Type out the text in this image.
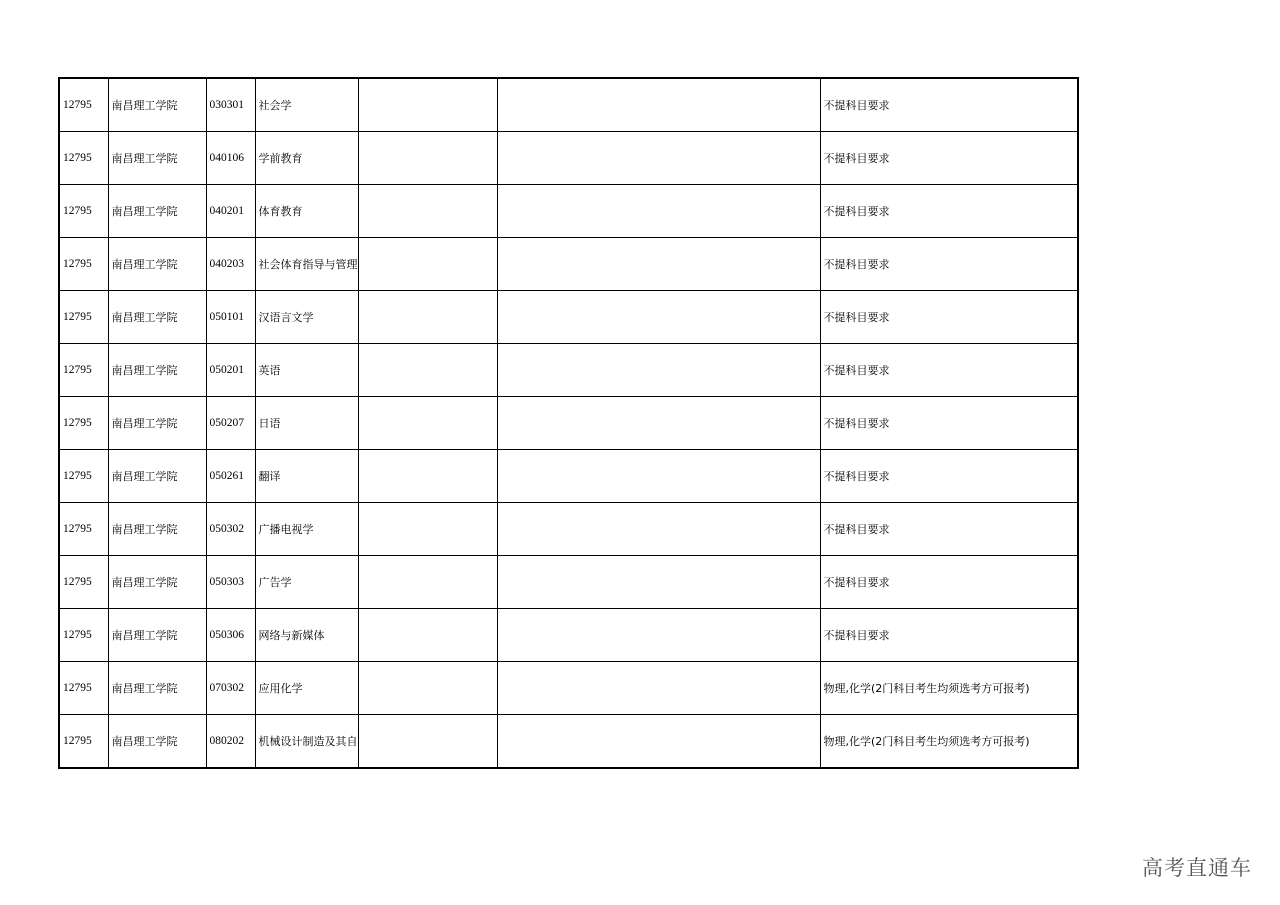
12795	南昌理工学院	030301	社会学			不提科目要求
12795	南昌理工学院	040106	学前教育			不提科目要求
12795	南昌理工学院	040201	体育教育			不提科目要求
12795	南昌理工学院	040203	社会体育指导与管理			不提科目要求
12795	南昌理工学院	050101	汉语言文学			不提科目要求
12795	南昌理工学院	050201	英语			不提科目要求
12795	南昌理工学院	050207	日语			不提科目要求
12795	南昌理工学院	050261	翻译			不提科目要求
12795	南昌理工学院	050302	广播电视学			不提科目要求
12795	南昌理工学院	050303	广告学			不提科目要求
12795	南昌理工学院	050306	网络与新媒体			不提科目要求
12795	南昌理工学院	070302	应用化学			物理,化学(2门科目考生均须选考方可报考)
12795	南昌理工学院	080202	机械设计制造及其自			物理,化学(2门科目考生均须选考方可报考)
高考直通车
